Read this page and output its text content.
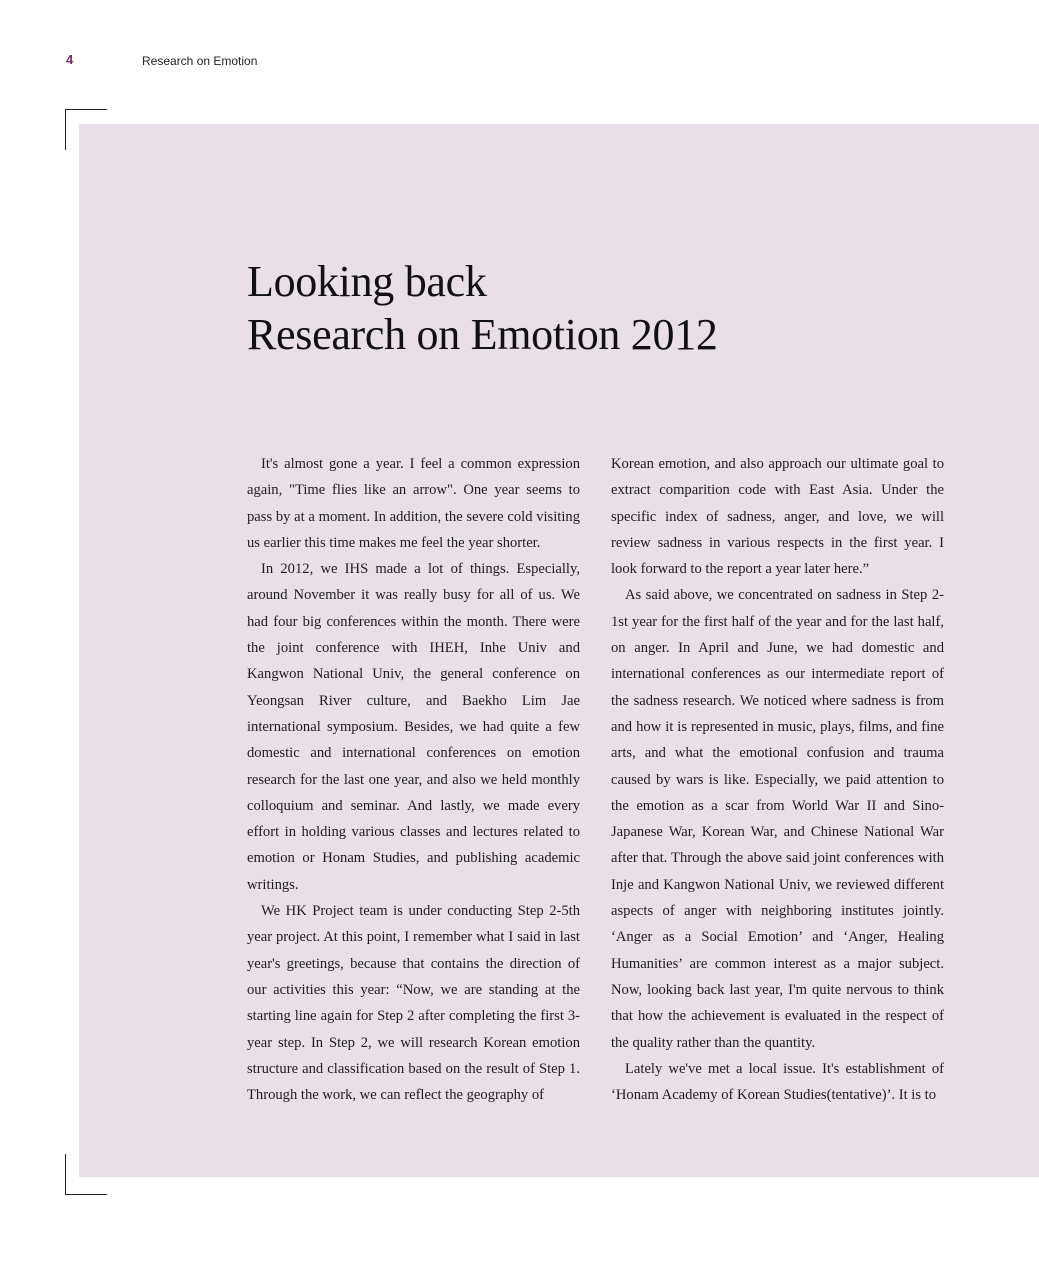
4	Research on Emotion
Looking back
Research on Emotion 2012

It's almost gone a year. I feel a common expression again, "Time flies like an arrow". One year seems to pass by at a moment. In addition, the severe cold visiting us earlier this time makes me feel the year shorter.

In 2012, we IHS made a lot of things. Especially, around November it was really busy for all of us. We had four big conferences within the month. There were the joint conference with IHEH, Inhe Univ and Kangwon National Univ, the general conference on Yeongsan River culture, and Baekho Lim Jae international symposium. Besides, we had quite a few domestic and international conferences on emotion research for the last one year, and also we held monthly colloquium and seminar. And lastly, we made every effort in holding various classes and lectures related to emotion or Honam Studies, and publishing academic writings.

We HK Project team is under conducting Step 2-5th year project. At this point, I remember what I said in last year's greetings, because that contains the direction of our activities this year: “Now, we are standing at the starting line again for Step 2 after completing the first 3-year step. In Step 2, we will research Korean emotion structure and classification based on the result of Step 1. Through the work, we can reflect the geography of

Korean emotion, and also approach our ultimate goal to extract comparition code with East Asia. Under the specific index of sadness, anger, and love, we will review sadness in various respects in the first year. I look forward to the report a year later here.”

As said above, we concentrated on sadness in Step 2-1st year for the first half of the year and for the last half, on anger. In April and June, we had domestic and international conferences as our intermediate report of the sadness research. We noticed where sadness is from and how it is represented in music, plays, films, and fine arts, and what the emotional confusion and trauma caused by wars is like. Especially, we paid attention to the emotion as a scar from World War II and Sino-Japanese War, Korean War, and Chinese National War after that. Through the above said joint conferences with Inje and Kangwon National Univ, we reviewed different aspects of anger with neighboring institutes jointly. ‘Anger as a Social Emotion’ and ‘Anger, Healing Humanities’ are common interest as a major subject. Now, looking back last year, I'm quite nervous to think that how the achievement is evaluated in the respect of the quality rather than the quantity.

Lately we've met a local issue. It's establishment of ‘Honam Academy of Korean Studies(tentative)’. It is to
